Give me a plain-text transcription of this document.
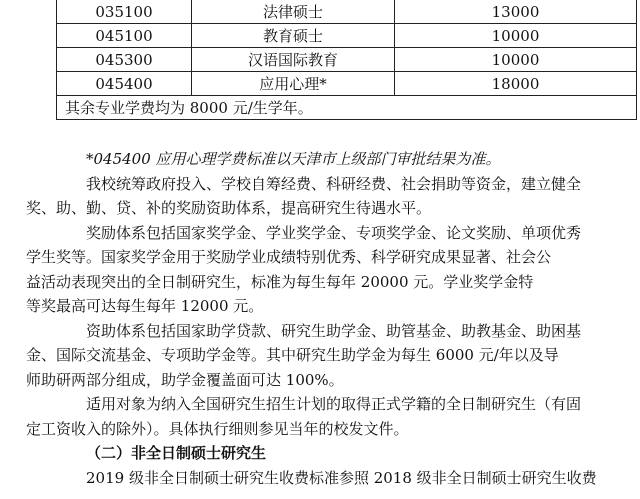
035100	法律硕士	13000
045100	教育硕士	10000
045300	汉语国际教育	10000
045400	应用心理*	18000
其余专业学费均为 8000 元/生学年。		

*045400 应用心理学费标准以天津市上级部门审批结果为准。

我校统筹政府投入、学校自筹经费、科研经费、社会捐助等资金，建立健全
奖、助、勤、贷、补的奖励资助体系，提高研究生待遇水平。

奖励体系包括国家奖学金、学业奖学金、专项奖学金、论文奖励、单项优秀
学生奖等。国家奖学金用于奖励学业成绩特别优秀、科学研究成果显著、社会公
益活动表现突出的全日制研究生，标准为每生每年 20000 元。学业奖学金特
等奖最高可达每生每年 12000 元。

资助体系包括国家助学贷款、研究生助学金、助管基金、助教基金、助困基
金、国际交流基金、专项助学金等。其中研究生助学金为每生 6000 元/年以及导
师助研两部分组成，助学金覆盖面可达 100%。

适用对象为纳入全国研究生招生计划的取得正式学籍的全日制研究生（有固
定工资收入的除外）。具体执行细则参见当年的校发文件。

（二）非全日制硕士研究生

2019 级非全日制硕士研究生收费标准参照 2018 级非全日制硕士研究生收费
